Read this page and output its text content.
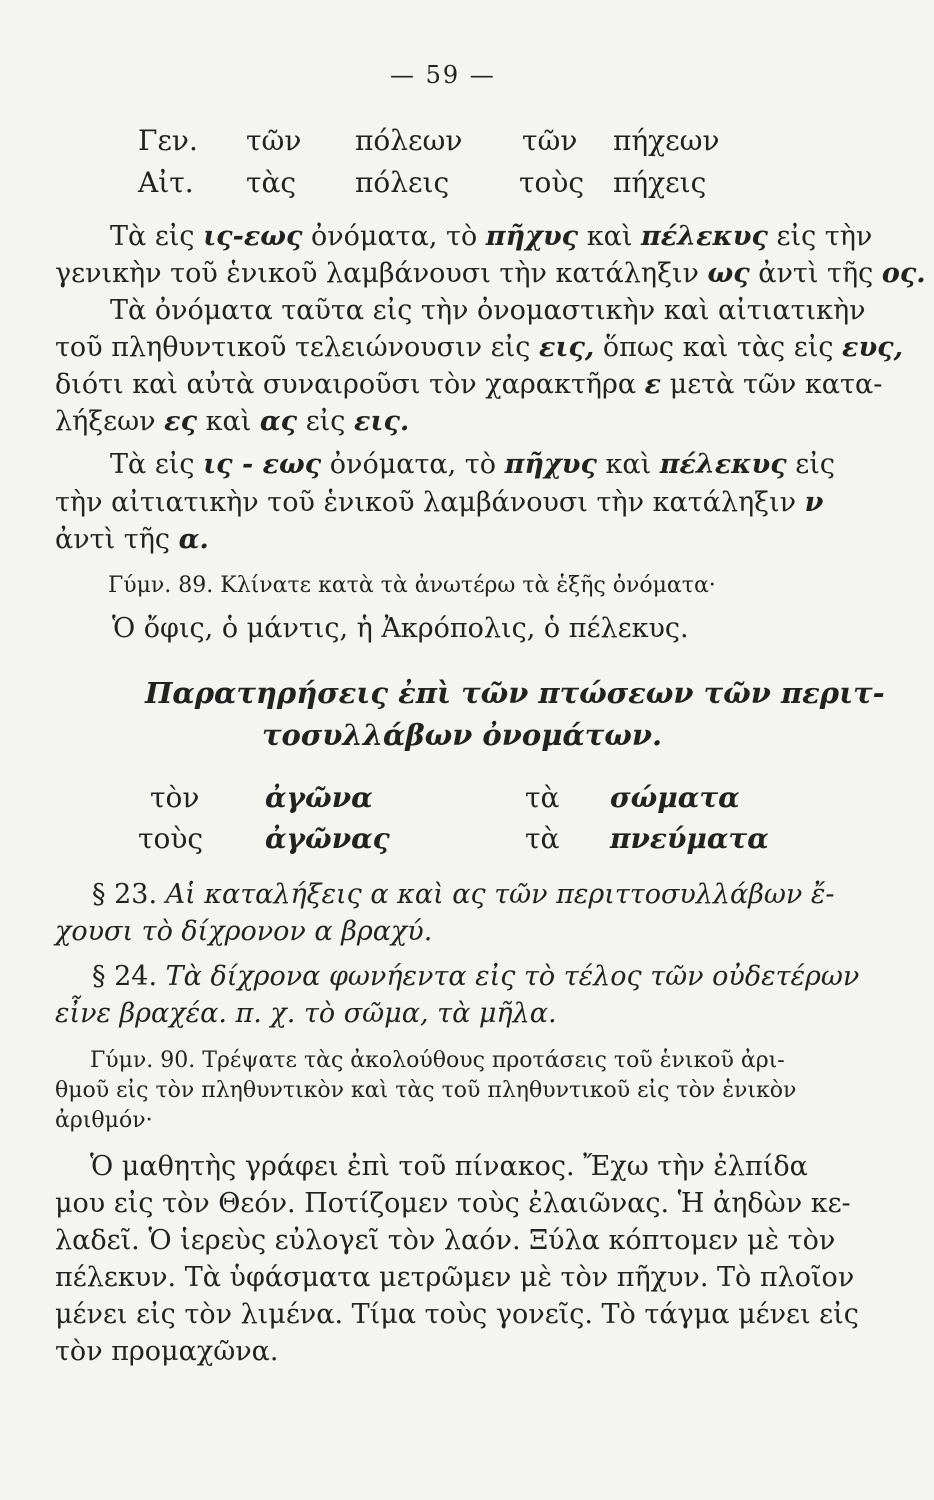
— 59 —
Γεν. τῶν πόλεων τῶν πήχεων
Αἰτ. τὰς πόλεις τοὺς πήχεις
Τὰ εἰς ις-εως ὀνόματα, τὸ πῆχυς καὶ πέλεκυς εἰς τὴν
γενικὴν τοῦ ἑνικοῦ λαμβάνουσι τὴν κατάληξιν ως ἀντὶ τῆς ος.
Τὰ ὀνόματα ταῦτα εἰς τὴν ὀνομαστικὴν καὶ αἰτιατικὴν
τοῦ πληθυντικοῦ τελειώνουσιν εἰς εις, ὅπως καὶ τὰς εἰς ευς,
διότι καὶ αὐτὰ συναιροῦσι τὸν χαρακτῆρα ε μετὰ τῶν κατα-
λήξεων ες καὶ ας εἰς εις.
Τὰ εἰς ις - εως ὀνόματα, τὸ πῆχυς καὶ πέλεκυς εἰς
τὴν αἰτιατικὴν τοῦ ἑνικοῦ λαμβάνουσι τὴν κατάληξιν ν
ἀντὶ τῆς α.
Γύμν. 89. Κλίνατε κατὰ τὰ ἀνωτέρω τὰ ἑξῆς ὀνόματα·
Ὁ ὄφις, ὁ μάντις, ἡ Ἀκρόπολις, ὁ πέλεκυς.
Παρατηρήσεις ἐπὶ τῶν πτώσεων τῶν περιτ-
τοσυλλάβων ὀνομάτων.
τὸν ἀγῶνα	τὰ σώματα
τοὺς ἀγῶνας	τὰ πνεύματα
§ 23. Αἱ καταλήξεις α καὶ ας τῶν περιττοσυλλάβων ἔ-
χουσι τὸ δίχρονον α βραχύ.
§ 24. Τὰ δίχρονα φωνήεντα εἰς τὸ τέλος τῶν οὐδετέρων
εἶνε βραχέα. π. χ. τὸ σῶμα, τὰ μῆλα.
Γύμν. 90. Τρέψατε τὰς ἀκολούθους προτάσεις τοῦ ἑνικοῦ ἀρι-
θμοῦ εἰς τὸν πληθυντικὸν καὶ τὰς τοῦ πληθυντικοῦ εἰς τὸν ἑνικὸν
ἀριθμόν·
Ὁ μαθητὴς γράφει ἐπὶ τοῦ πίνακος. Ἔχω τὴν ἐλπίδα
μου εἰς τὸν Θεόν. Ποτίζομεν τοὺς ἐλαιῶνας. Ἡ ἀηδὼν κε-
λαδεῖ. Ὁ ἱερεὺς εὐλογεῖ τὸν λαόν. Ξύλα κόπτομεν μὲ τὸν
πέλεκυν. Τὰ ὑφάσματα μετρῶμεν μὲ τὸν πῆχυν. Τὸ πλοῖον
μένει εἰς τὸν λιμένα. Τίμα τοὺς γονεῖς. Τὸ τάγμα μένει εἰς
τὸν προμαχῶνα.
